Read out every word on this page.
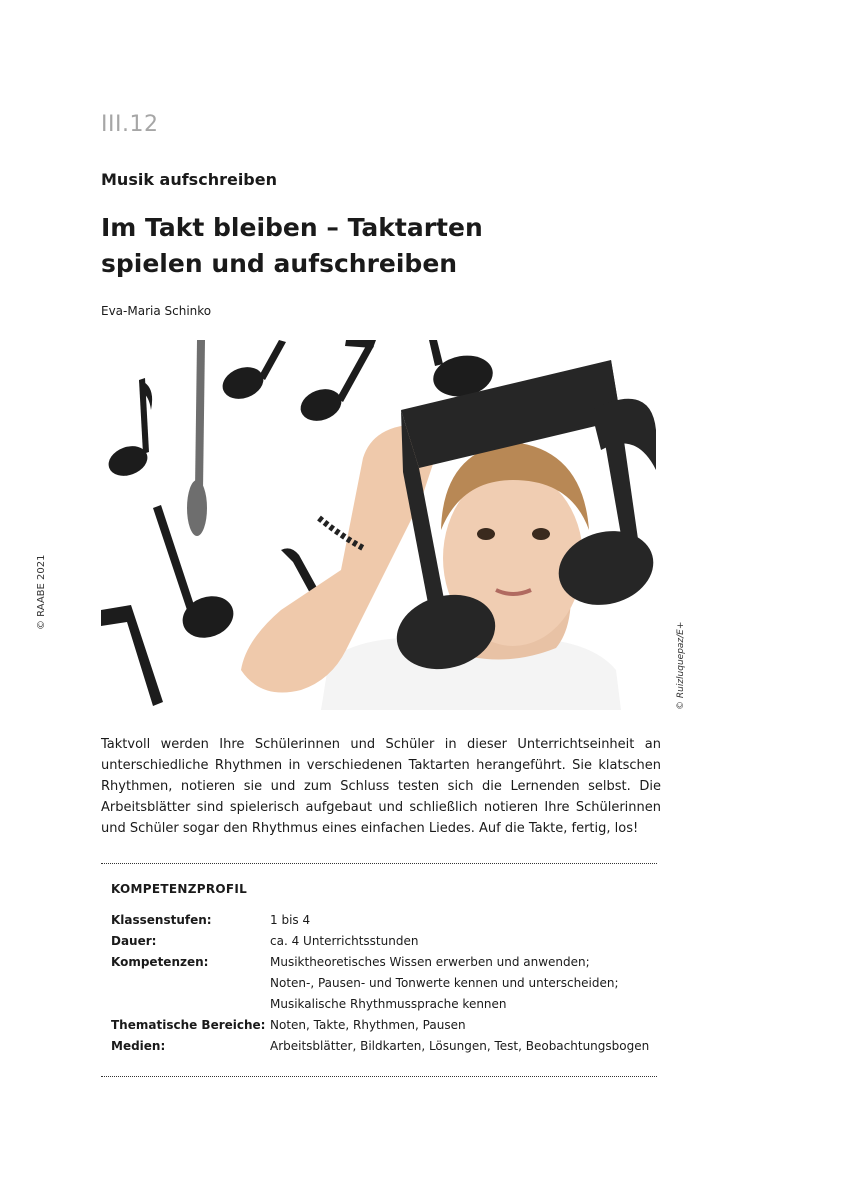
III.12
Musik aufschreiben
Im Takt bleiben – Taktarten spielen und aufschreiben
Eva-Maria Schinko
© RAABE 2021
© Ruizluquepaz/E+

Taktvoll werden Ihre Schülerinnen und Schüler in dieser Unterrichtseinheit an unterschiedliche Rhythmen in verschiedenen Taktarten herangeführt. Sie klatschen Rhythmen, notieren sie und zum Schluss testen sich die Lernenden selbst. Die Arbeitsblätter sind spielerisch aufgebaut und schließlich notieren Ihre Schülerinnen und Schüler sogar den Rhythmus eines einfachen Liedes. Auf die Takte, fertig, los!

KOMPETENZPROFIL
Klassenstufen:	1 bis 4
Dauer:	ca. 4 Unterrichtsstunden
Kompetenzen:	Musiktheoretisches Wissen erwerben und anwenden;
Noten-, Pausen- und Tonwerte kennen und unterscheiden;
Musikalische Rhythmussprache kennen
Thematische Bereiche: Noten, Takte, Rhythmen, Pausen
Medien:	Arbeitsblätter, Bildkarten, Lösungen, Test, Beobachtungsbogen
